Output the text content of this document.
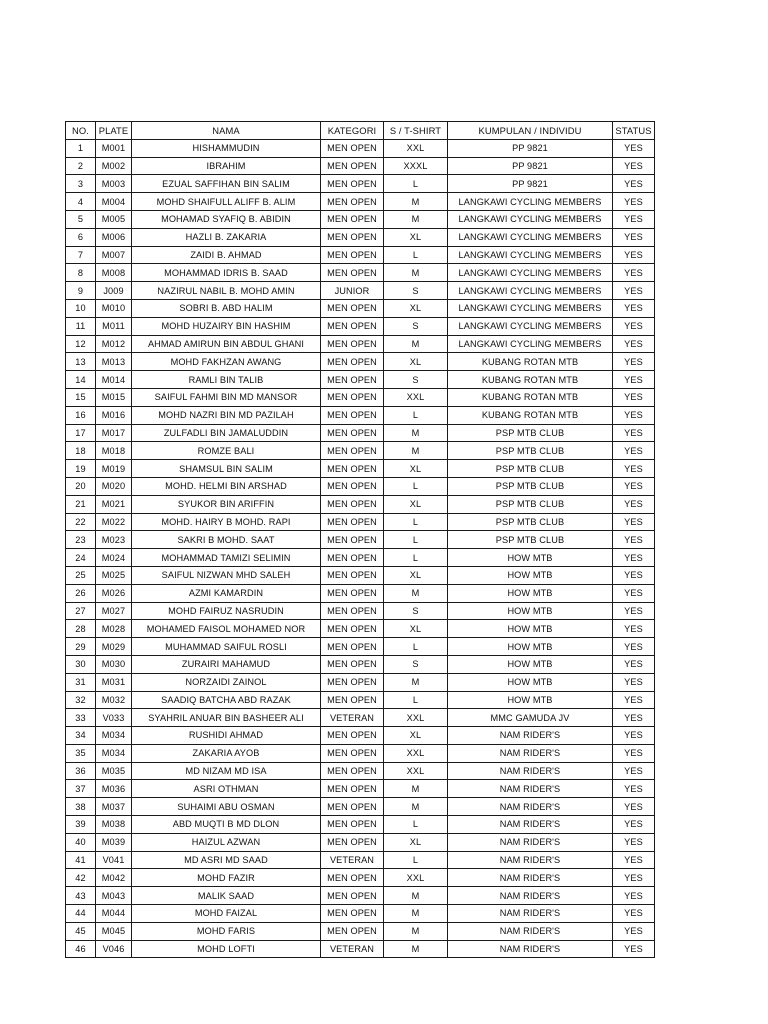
NO.	PLATE	NAMA	KATEGORI	S / T-SHIRT	KUMPULAN / INDIVIDU	STATUS
1	M001	HISHAMMUDIN	MEN OPEN	XXL	PP 9821	YES
2	M002	IBRAHIM	MEN OPEN	XXXL	PP 9821	YES
3	M003	EZUAL SAFFIHAN BIN SALIM	MEN OPEN	L	PP 9821	YES
4	M004	MOHD SHAIFULL ALIFF B. ALIM	MEN OPEN	M	LANGKAWI CYCLING MEMBERS	YES
5	M005	MOHAMAD SYAFIQ B. ABIDIN	MEN OPEN	M	LANGKAWI CYCLING MEMBERS	YES
6	M006	HAZLI B. ZAKARIA	MEN OPEN	XL	LANGKAWI CYCLING MEMBERS	YES
7	M007	ZAIDI B. AHMAD	MEN OPEN	L	LANGKAWI CYCLING MEMBERS	YES
8	M008	MOHAMMAD IDRIS B. SAAD	MEN OPEN	M	LANGKAWI CYCLING MEMBERS	YES
9	J009	NAZIRUL NABIL B. MOHD AMIN	JUNIOR	S	LANGKAWI CYCLING MEMBERS	YES
10	M010	SOBRI B. ABD HALIM	MEN OPEN	XL	LANGKAWI CYCLING MEMBERS	YES
11	M011	MOHD HUZAIRY BIN HASHIM	MEN OPEN	S	LANGKAWI CYCLING MEMBERS	YES
12	M012	AHMAD AMIRUN BIN ABDUL GHANI	MEN OPEN	M	LANGKAWI CYCLING MEMBERS	YES
13	M013	MOHD FAKHZAN AWANG	MEN OPEN	XL	KUBANG ROTAN MTB	YES
14	M014	RAMLI BIN TALIB	MEN OPEN	S	KUBANG ROTAN MTB	YES
15	M015	SAIFUL FAHMI BIN MD MANSOR	MEN OPEN	XXL	KUBANG ROTAN MTB	YES
16	M016	MOHD NAZRI BIN MD PAZILAH	MEN OPEN	L	KUBANG ROTAN MTB	YES
17	M017	ZULFADLI BIN JAMALUDDIN	MEN OPEN	M	PSP MTB CLUB	YES
18	M018	ROMZE BALI	MEN OPEN	M	PSP MTB CLUB	YES
19	M019	SHAMSUL BIN SALIM	MEN OPEN	XL	PSP MTB CLUB	YES
20	M020	MOHD. HELMI BIN ARSHAD	MEN OPEN	L	PSP MTB CLUB	YES
21	M021	SYUKOR BIN ARIFFIN	MEN OPEN	XL	PSP MTB CLUB	YES
22	M022	MOHD. HAIRY B MOHD. RAPI	MEN OPEN	L	PSP MTB CLUB	YES
23	M023	SAKRI B MOHD. SAAT	MEN OPEN	L	PSP MTB CLUB	YES
24	M024	MOHAMMAD TAMIZI SELIMIN	MEN OPEN	L	HOW MTB	YES
25	M025	SAIFUL NIZWAN MHD SALEH	MEN OPEN	XL	HOW MTB	YES
26	M026	AZMI KAMARDIN	MEN OPEN	M	HOW MTB	YES
27	M027	MOHD FAIRUZ NASRUDIN	MEN OPEN	S	HOW MTB	YES
28	M028	MOHAMED FAISOL MOHAMED NOR	MEN OPEN	XL	HOW MTB	YES
29	M029	MUHAMMAD SAIFUL ROSLI	MEN OPEN	L	HOW MTB	YES
30	M030	ZURAIRI MAHAMUD	MEN OPEN	S	HOW MTB	YES
31	M031	NORZAIDI ZAINOL	MEN OPEN	M	HOW MTB	YES
32	M032	SAADIQ BATCHA ABD RAZAK	MEN OPEN	L	HOW MTB	YES
33	V033	SYAHRIL ANUAR BIN BASHEER ALI	VETERAN	XXL	MMC GAMUDA JV	YES
34	M034	RUSHIDI AHMAD	MEN OPEN	XL	NAM RIDER'S	YES
35	M034	ZAKARIA AYOB	MEN OPEN	XXL	NAM RIDER'S	YES
36	M035	MD NIZAM MD ISA	MEN OPEN	XXL	NAM RIDER'S	YES
37	M036	ASRI OTHMAN	MEN OPEN	M	NAM RIDER'S	YES
38	M037	SUHAIMI ABU OSMAN	MEN OPEN	M	NAM RIDER'S	YES
39	M038	ABD MUQTI B MD DLON	MEN OPEN	L	NAM RIDER'S	YES
40	M039	HAIZUL AZWAN	MEN OPEN	XL	NAM RIDER'S	YES
41	V041	MD ASRI MD SAAD	VETERAN	L	NAM RIDER'S	YES
42	M042	MOHD FAZIR	MEN OPEN	XXL	NAM RIDER'S	YES
43	M043	MALIK SAAD	MEN OPEN	M	NAM RIDER'S	YES
44	M044	MOHD FAIZAL	MEN OPEN	M	NAM RIDER'S	YES
45	M045	MOHD FARIS	MEN OPEN	M	NAM RIDER'S	YES
46	V046	MOHD LOFTI	VETERAN	M	NAM RIDER'S	YES
